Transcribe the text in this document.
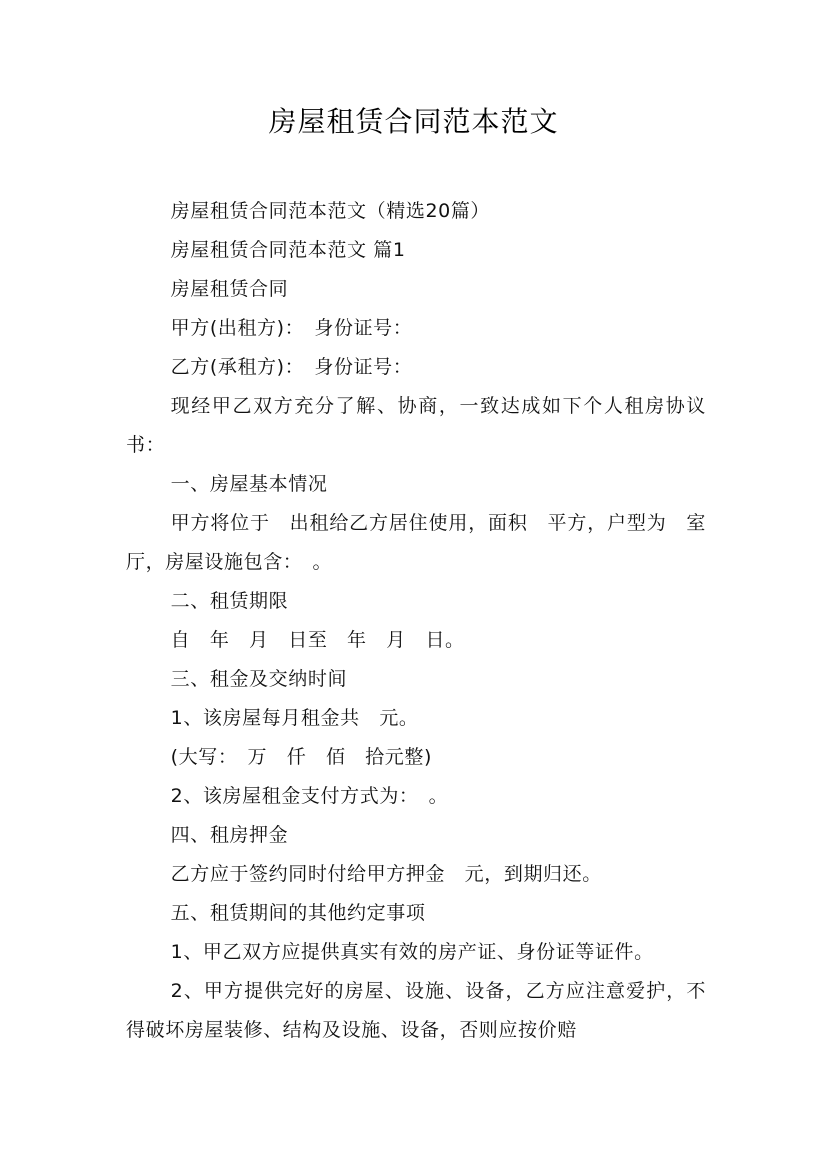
房屋租赁合同范本范文

房屋租赁合同范本范文（精选20篇）

房屋租赁合同范本范文 篇1

房屋租赁合同

甲方(出租方)：　身份证号：

乙方(承租方)：　身份证号：

现经甲乙双方充分了解、协商，一致达成如下个人租房协议书：

一、房屋基本情况

甲方将位于　出租给乙方居住使用，面积　平方，户型为　室　厅，房屋设施包含：　。

二、租赁期限

自　年　月　日至　年　月　日。

三、租金及交纳时间

1、该房屋每月租金共　元。

(大写：　万　仟　佰　拾元整)

2、该房屋租金支付方式为：　。

四、租房押金

乙方应于签约同时付给甲方押金　元，到期归还。

五、租赁期间的其他约定事项

1、甲乙双方应提供真实有效的房产证、身份证等证件。

2、甲方提供完好的房屋、设施、设备，乙方应注意爱护，不得破坏房屋装修、结构及设施、设备，否则应按价赔
